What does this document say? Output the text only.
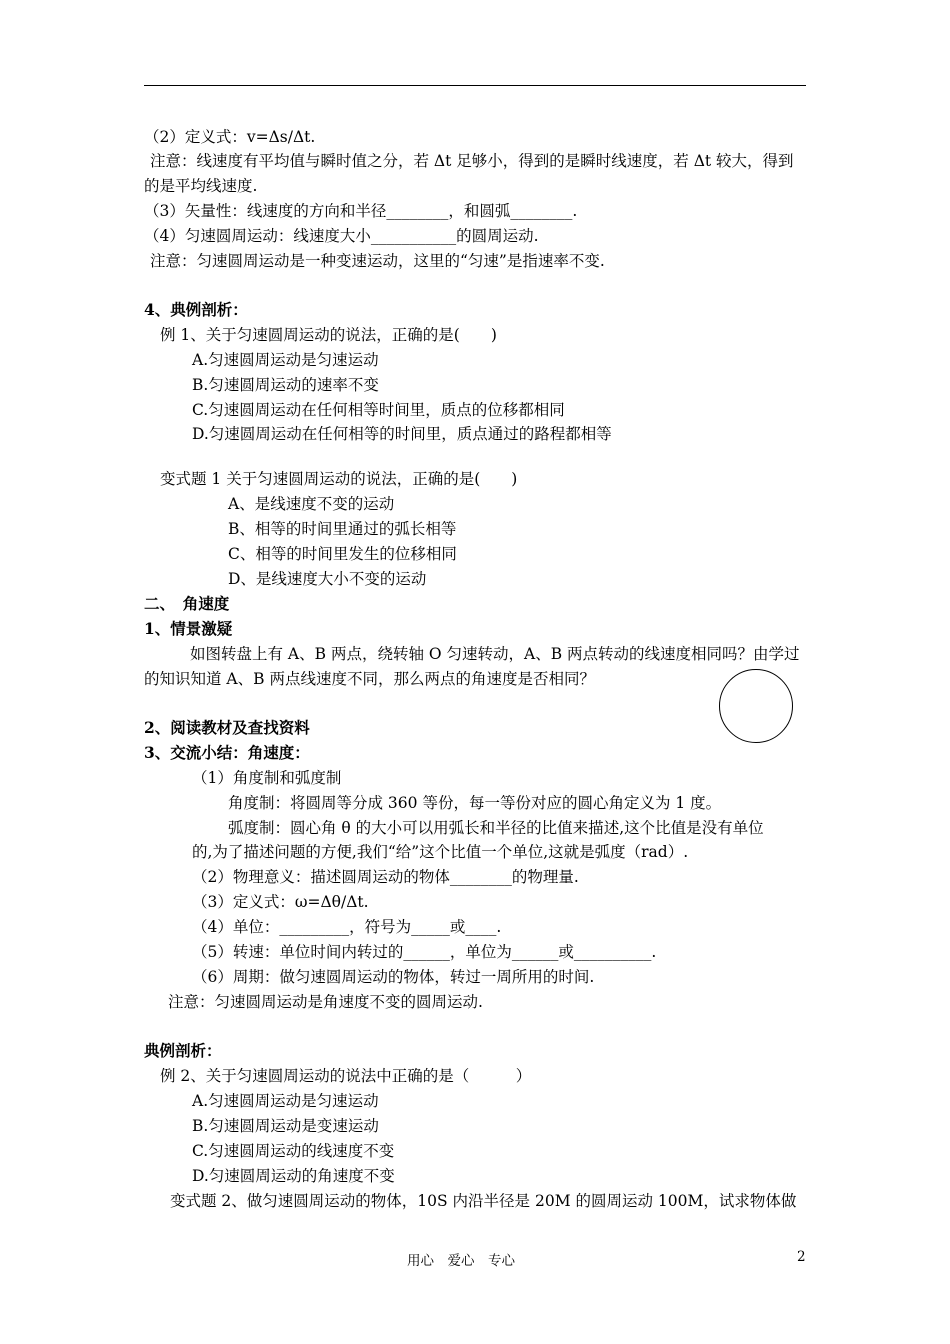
（2）定义式：v=Δs/Δt.
注意：线速度有平均值与瞬时值之分，若 Δt 足够小，得到的是瞬时线速度，若 Δt 较大，得到
的是平均线速度.
（3）矢量性：线速度的方向和半径________，和圆弧________.
（4）匀速圆周运动：线速度大小___________的圆周运动.
注意：匀速圆周运动是一种变速运动，这里的“匀速”是指速率不变.
4、典例剖析：
例 1、关于匀速圆周运动的说法，正确的是(　　)
A.匀速圆周运动是匀速运动
B.匀速圆周运动的速率不变
C.匀速圆周运动在任何相等时间里，质点的位移都相同
D.匀速圆周运动在任何相等的时间里，质点通过的路程都相等
变式题 1 关于匀速圆周运动的说法，正确的是(　　)
A、是线速度不变的运动
B、相等的时间里通过的弧长相等
C、相等的时间里发生的位移相同
D、是线速度大小不变的运动
二、　角速度
1、情景激疑
如图转盘上有 A、B 两点，绕转轴 O 匀速转动，A、B 两点转动的线速度相同吗？由学过
的知识知道 A、B 两点线速度不同，那么两点的角速度是否相同？
2、阅读教材及查找资料
3、交流小结：角速度：
（1）角度制和弧度制
角度制：将圆周等分成 360 等份，每一等份对应的圆心角定义为 1 度。
弧度制：圆心角 θ 的大小可以用弧长和半径的比值来描述,这个比值是没有单位
的,为了描述问题的方便,我们“给”这个比值一个单位,这就是弧度（rad）.
（2）物理意义：描述圆周运动的物体________的物理量.
（3）定义式：ω=Δθ/Δt.
（4）单位：_________，符号为_____或____.
（5）转速：单位时间内转过的______，单位为______或__________.
（6）周期：做匀速圆周运动的物体，转过一周所用的时间.
注意：匀速圆周运动是角速度不变的圆周运动.
典例剖析：
例 2、关于匀速圆周运动的说法中正确的是（　　　）
A.匀速圆周运动是匀速运动
B.匀速圆周运动是变速运动
C.匀速圆周运动的线速度不变
D.匀速圆周运动的角速度不变
变式题 2、做匀速圆周运动的物体，10S 内沿半径是 20M 的圆周运动 100M，试求物体做
用心　爱心　专心	2
